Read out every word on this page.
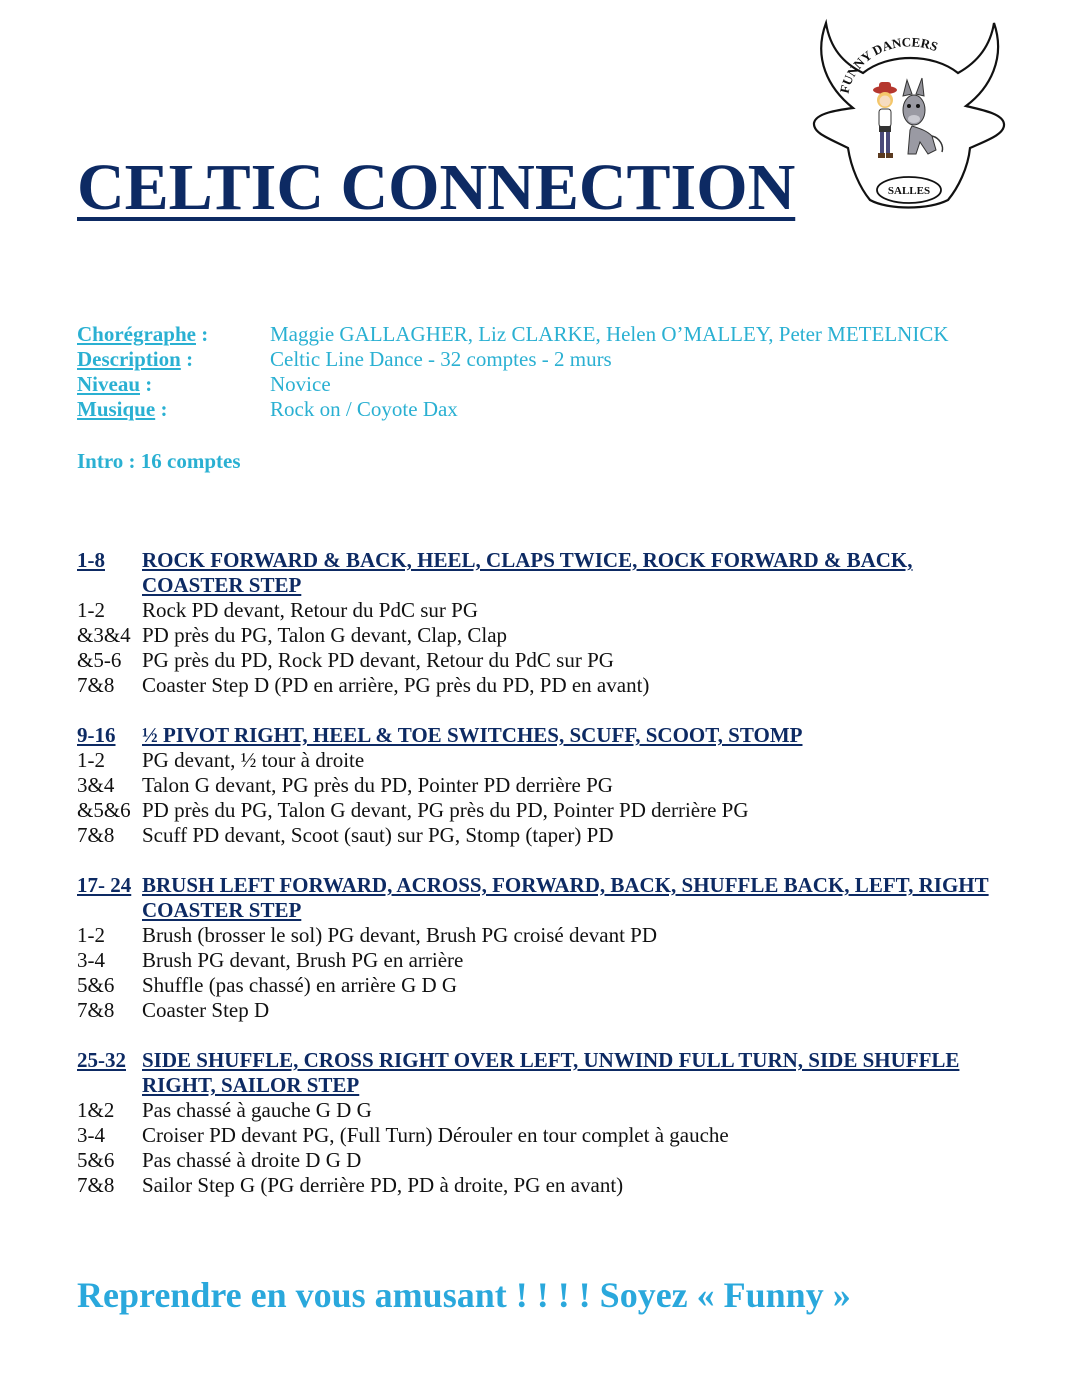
CELTIC CONNECTION
FUNNY DANCERS
SALLES
Chorégraphe :	Maggie GALLAGHER, Liz CLARKE, Helen O’MALLEY, Peter METELNICK
Description :	Celtic Line Dance - 32 comptes - 2 murs
Niveau :	Novice
Musique :	Rock on / Coyote Dax
Intro : 16 comptes
1-8	ROCK FORWARD & BACK, HEEL, CLAPS TWICE, ROCK FORWARD & BACK, COASTER STEP
1-2	Rock PD devant, Retour du PdC sur PG
&3&4 PD près du PG, Talon G devant, Clap, Clap
&5-6 PG près du PD, Rock PD devant, Retour du PdC sur PG
7&8	Coaster Step D (PD en arrière, PG près du PD, PD en avant)
9-16	½ PIVOT RIGHT, HEEL & TOE SWITCHES, SCUFF, SCOOT, STOMP
1-2	PG devant, ½ tour à droite
3&4	Talon G devant, PG près du PD, Pointer PD derrière PG
&5&6 PD près du PG, Talon G devant, PG près du PD, Pointer PD derrière PG
7&8	Scuff PD devant, Scoot (saut) sur PG, Stomp (taper) PD
17- 24 BRUSH LEFT FORWARD, ACROSS, FORWARD, BACK, SHUFFLE BACK, LEFT, RIGHT COASTER STEP
1-2	Brush (brosser le sol) PG devant, Brush PG croisé devant PD
3-4	Brush PG devant, Brush PG en arrière
5&6	Shuffle (pas chassé) en arrière G D G
7&8	Coaster Step D
25-32 SIDE SHUFFLE, CROSS RIGHT OVER LEFT, UNWIND FULL TURN, SIDE SHUFFLE RIGHT, SAILOR STEP
1&2	Pas chassé à gauche G D G
3-4	Croiser PD devant PG, (Full Turn) Dérouler en tour complet à gauche
5&6	Pas chassé à droite D G D
7&8	Sailor Step G (PG derrière PD, PD à droite, PG en avant)
Reprendre en vous amusant ! ! ! ! Soyez « Funny »
